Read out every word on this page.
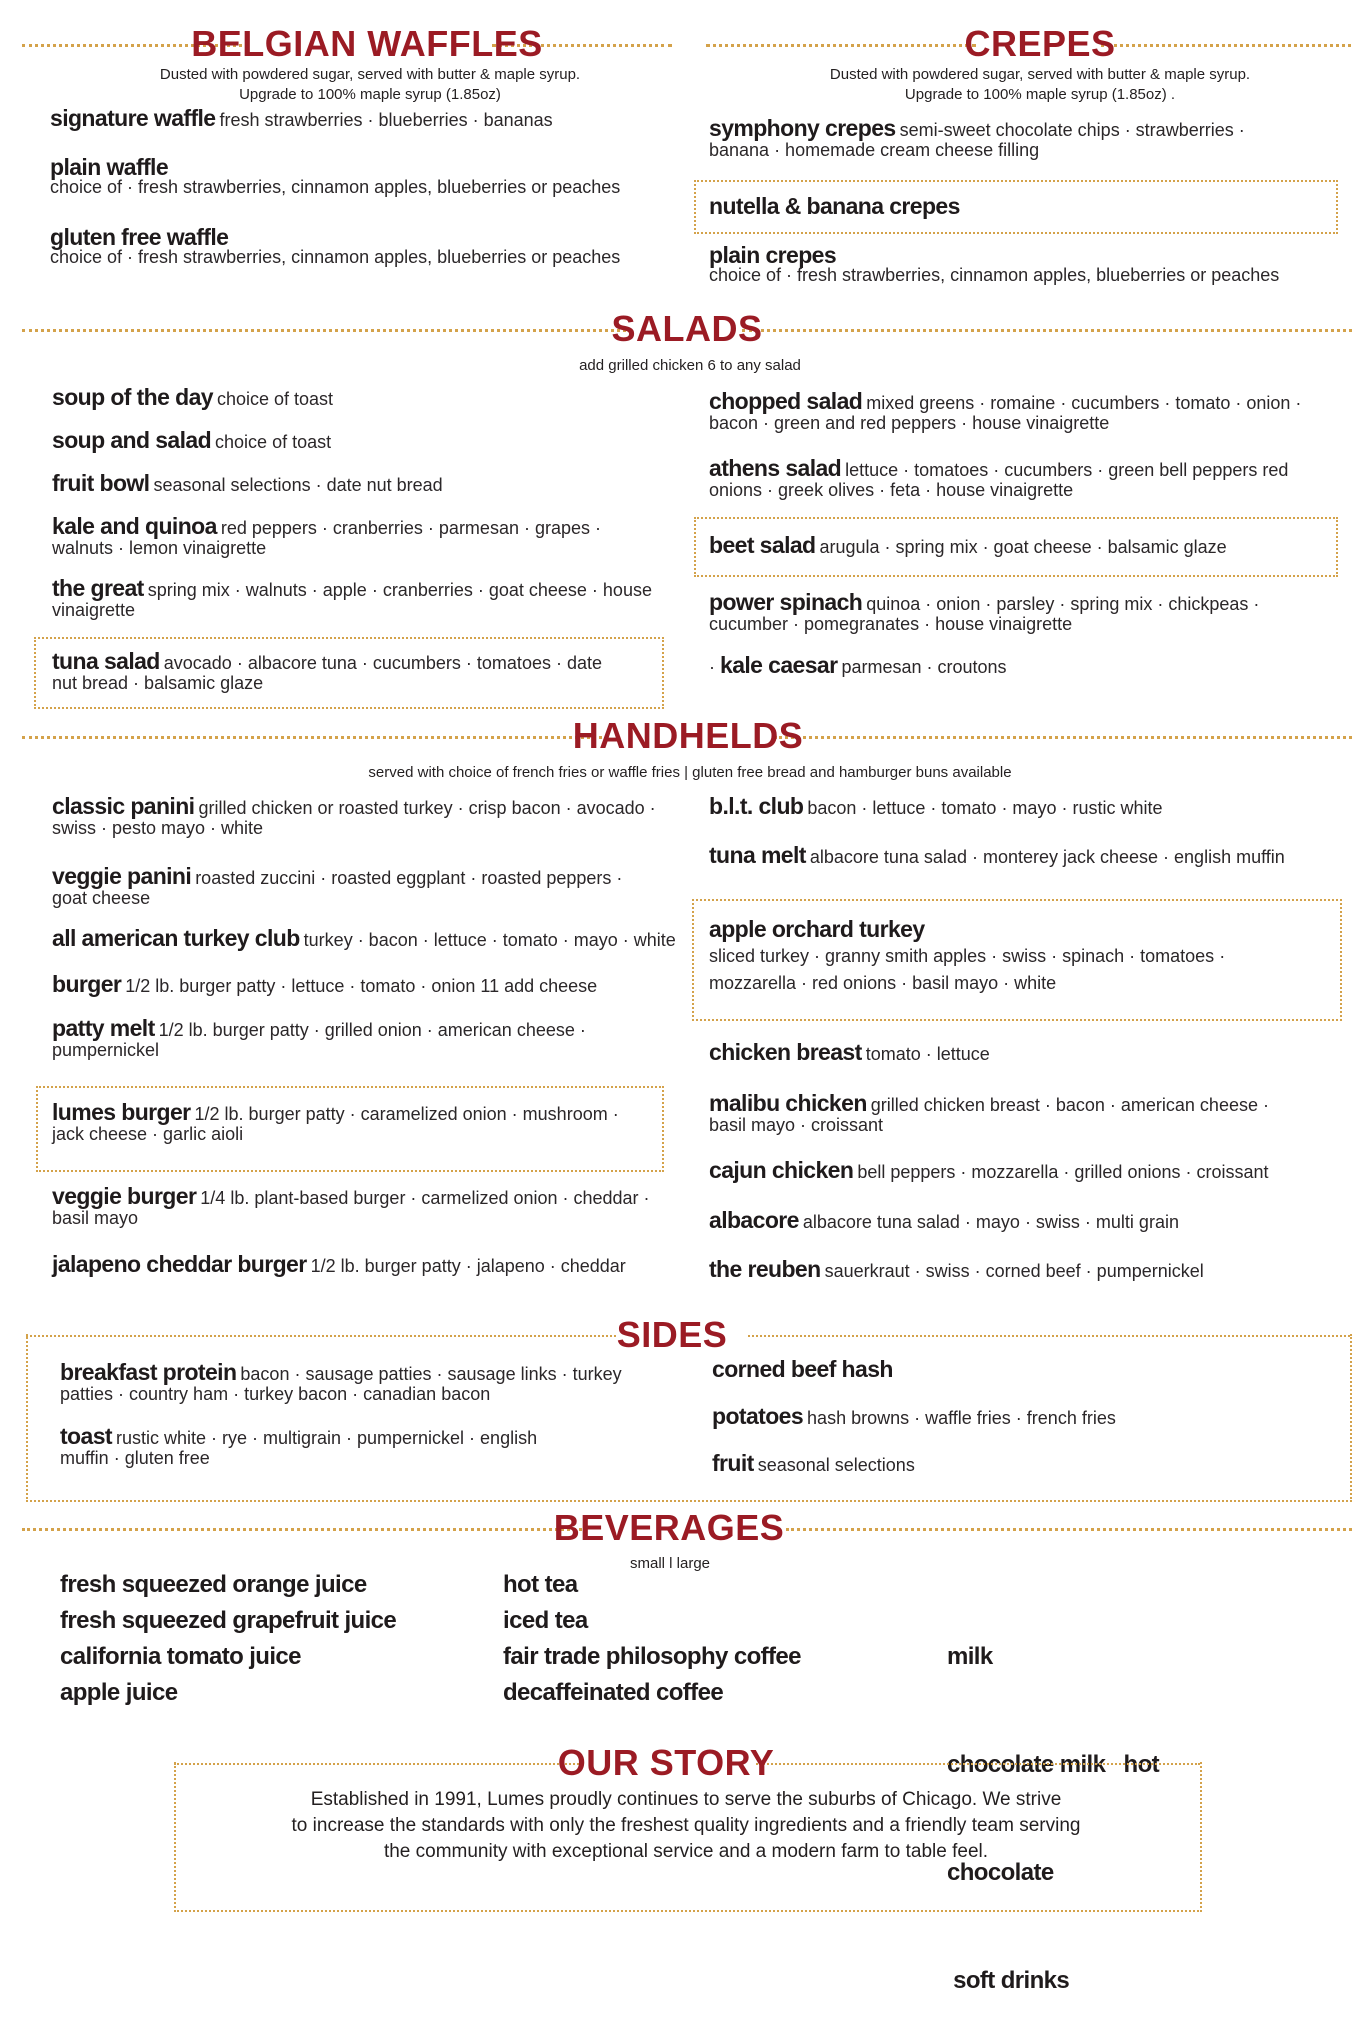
BELGIAN WAFFLES
Dusted with powdered sugar, served with butter & maple syrup.
Upgrade to 100% maple syrup (1.85oz)
signature waffle fresh strawberries · blueberries · bananas
plain waffle
choice of · fresh strawberries, cinnamon apples, blueberries or peaches
gluten free waffle
choice of · fresh strawberries, cinnamon apples, blueberries or peaches
CREPES
Dusted with powdered sugar, served with butter & maple syrup.
Upgrade to 100% maple syrup (1.85oz) .
symphony crepes semi-sweet chocolate chips · strawberries · banana · homemade cream cheese filling
nutella & banana crepes
plain crepes
choice of · fresh strawberries, cinnamon apples, blueberries or peaches
SALADS
add grilled chicken 6 to any salad
soup of the day choice of toast
soup and salad choice of toast
fruit bowl seasonal selections · date nut bread
kale and quinoa red peppers · cranberries · parmesan · grapes · walnuts · lemon vinaigrette
the great spring mix · walnuts · apple · cranberries · goat cheese · house vinaigrette
tuna salad avocado · albacore tuna · cucumbers · tomatoes · date nut bread · balsamic glaze
chopped salad mixed greens · romaine · cucumbers · tomato · onion · bacon · green and red peppers · house vinaigrette
athens salad lettuce · tomatoes · cucumbers · green bell peppers red onions · greek olives · feta · house vinaigrette
beet salad arugula · spring mix · goat cheese · balsamic glaze
power spinach quinoa · onion · parsley · spring mix · chickpeas · cucumber · pomegranates · house vinaigrette
· kale caesar parmesan · croutons
HANDHELDS
served with choice of french fries or waffle fries | gluten free bread and hamburger buns available
classic panini grilled chicken or roasted turkey · crisp bacon · avocado · swiss · pesto mayo · white
veggie panini roasted zuccini · roasted eggplant · roasted peppers · goat cheese
all american turkey club turkey · bacon · lettuce · tomato · mayo · white
burger 1/2 lb. burger patty · lettuce · tomato · onion 11 add cheese
patty melt 1/2 lb. burger patty · grilled onion · american cheese · pumpernickel
lumes burger 1/2 lb. burger patty · caramelized onion · mushroom · jack cheese · garlic aioli
veggie burger 1/4 lb. plant-based burger · carmelized onion · cheddar · basil mayo
jalapeno cheddar burger 1/2 lb. burger patty · jalapeno · cheddar
b.l.t. club bacon · lettuce · tomato · mayo · rustic white
tuna melt albacore tuna salad · monterey jack cheese · english muffin
apple orchard turkey
sliced turkey · granny smith apples · swiss · spinach · tomatoes ·
mozzarella · red onions · basil mayo · white
chicken breast tomato · lettuce
malibu chicken grilled chicken breast · bacon · american cheese · basil mayo · croissant
cajun chicken bell peppers · mozzarella · grilled onions · croissant
albacore albacore tuna salad · mayo · swiss · multi grain
the reuben sauerkraut · swiss · corned beef · pumpernickel
SIDES
breakfast protein bacon · sausage patties · sausage links · turkey patties · country ham · turkey bacon · canadian bacon
toast rustic white · rye · multigrain · pumpernickel · english muffin · gluten free
corned beef hash
potatoes hash browns · waffle fries · french fries
fruit seasonal selections
BEVERAGES
small l large
fresh squeezed orange juice
fresh squeezed grapefruit juice
california tomato juice
apple juice
hot tea
iced tea
fair trade philosophy coffee
decaffeinated coffee

milk

chocolate milk   hot

chocolate

soft drinks

OUR STORY
Established in 1991, Lumes proudly continues to serve the suburbs of Chicago. We strive
to increase the standards with only the freshest quality ingredients and a friendly team serving
the community with exceptional service and a modern farm to table feel.
